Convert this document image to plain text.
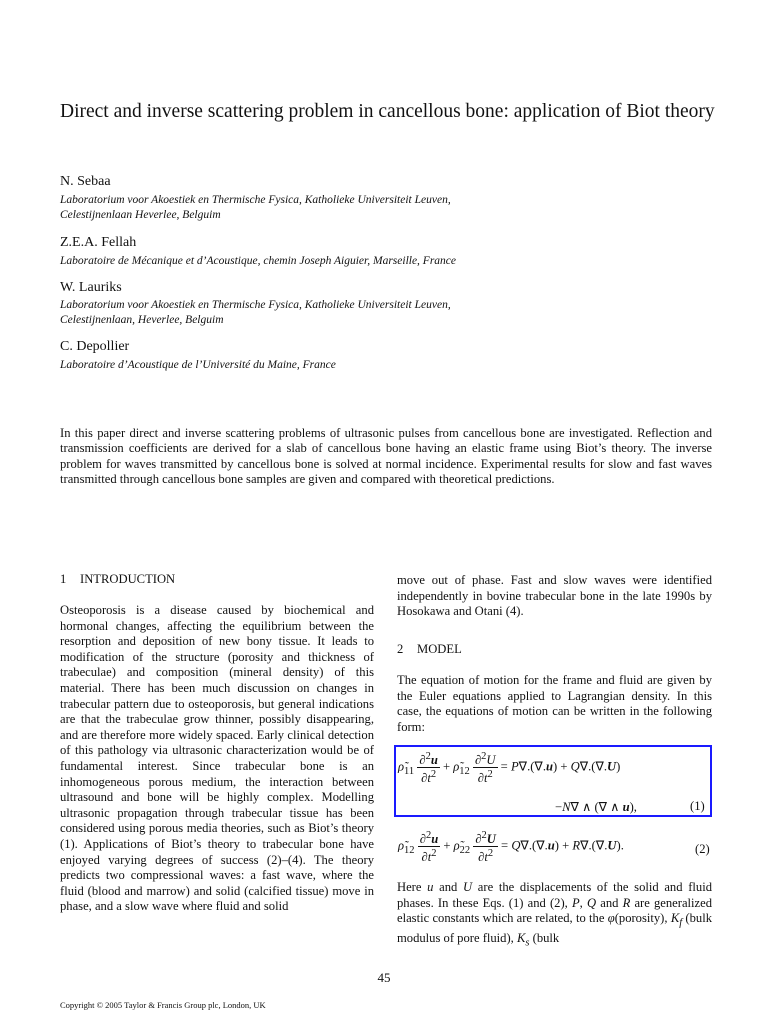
Direct and inverse scattering problem in cancellous bone: application of Biot theory
N. Sebaa
Laboratorium voor Akoestiek en Thermische Fysica, Katholieke Universiteit Leuven,
Celestijnenlaan Heverlee, Belguim
Z.E.A. Fellah
Laboratoire de Mécanique et d’Acoustique, chemin Joseph Aiguier, Marseille, France
W. Lauriks
Laboratorium voor Akoestiek en Thermische Fysica, Katholieke Universiteit Leuven,
Celestijnenlaan, Heverlee, Belguim
C. Depollier
Laboratoire d’Acoustique de l’Université du Maine, France
In this paper direct and inverse scattering problems of ultrasonic pulses from cancellous bone are investigated. Reflection and transmission coefficients are derived for a slab of cancellous bone having an elastic frame using Biot’s theory. The inverse problem for waves transmitted by cancellous bone is solved at normal incidence. Experimental results for slow and fast waves transmitted through cancellous bone samples are given and compared with theoretical predictions.
1 INTRODUCTION
Osteoporosis is a disease caused by biochemical and hormonal changes, affecting the equilibrium between the resorption and deposition of new bony tissue. It leads to modification of the structure (porosity and thickness of trabeculae) and composition (mineral density) of this material. There has been much discussion on changes in trabecular pattern due to osteoporosis, but general indications are that the trabeculae grow thinner, possibly disappearing, and are therefore more widely spaced. Early clinical detection of this pathology via ultrasonic characterization would be of fundamental interest. Since trabecular bone is an inhomogeneous porous medium, the interaction between ultrasound and bone will be highly complex. Modelling ultrasonic propagation through trabecular tissue has been considered using porous media theories, such as Biot’s theory (1). Applications of Biot’s theory to trabecular bone have enjoyed varying degrees of success (2)–(4). The theory predicts two compressional waves: a fast wave, where the fluid (blood and marrow) and solid (calcified tissue) move in phase, and a slow wave where fluid and solid
move out of phase. Fast and slow waves were identified independently in bovine trabecular bone in the late 1990s by Hosokawa and Otani (4).
2 MODEL
The equation of motion for the frame and fluid are given by the Euler equations applied to Lagrangian density. In this case, the equations of motion can be written in the following form:
$\rhõ_{11} \frac{\partial^2u}{\partial t^2}$ + $\rhõ_{12} \frac{\partial^2U}{\partial t^2} = P\nabla.(\nabla.u) + Q\nabla.(\nabla.U)$
−N∇ ∧ (∇ ∧ u),	(1)
$\rhõ_{12} \frac{\partial^2u}{\partial t^2}$ + $\rhõ_{22} \frac{\partial^2U}{\partial t^2} = Q\nabla.(\nabla.u) + R\nabla.(\nabla.U)$.	(2)
Here u and U are the displacements of the solid and fluid phases. In these Eqs. (1) and (2), P, Q and R are generalized elastic constants which are related, to the φ(porosity), $K_f$ (bulk modulus of pore fluid), $K_s$ (bulk
45
Copyright © 2005 Taylor & Francis Group plc, London, UK
